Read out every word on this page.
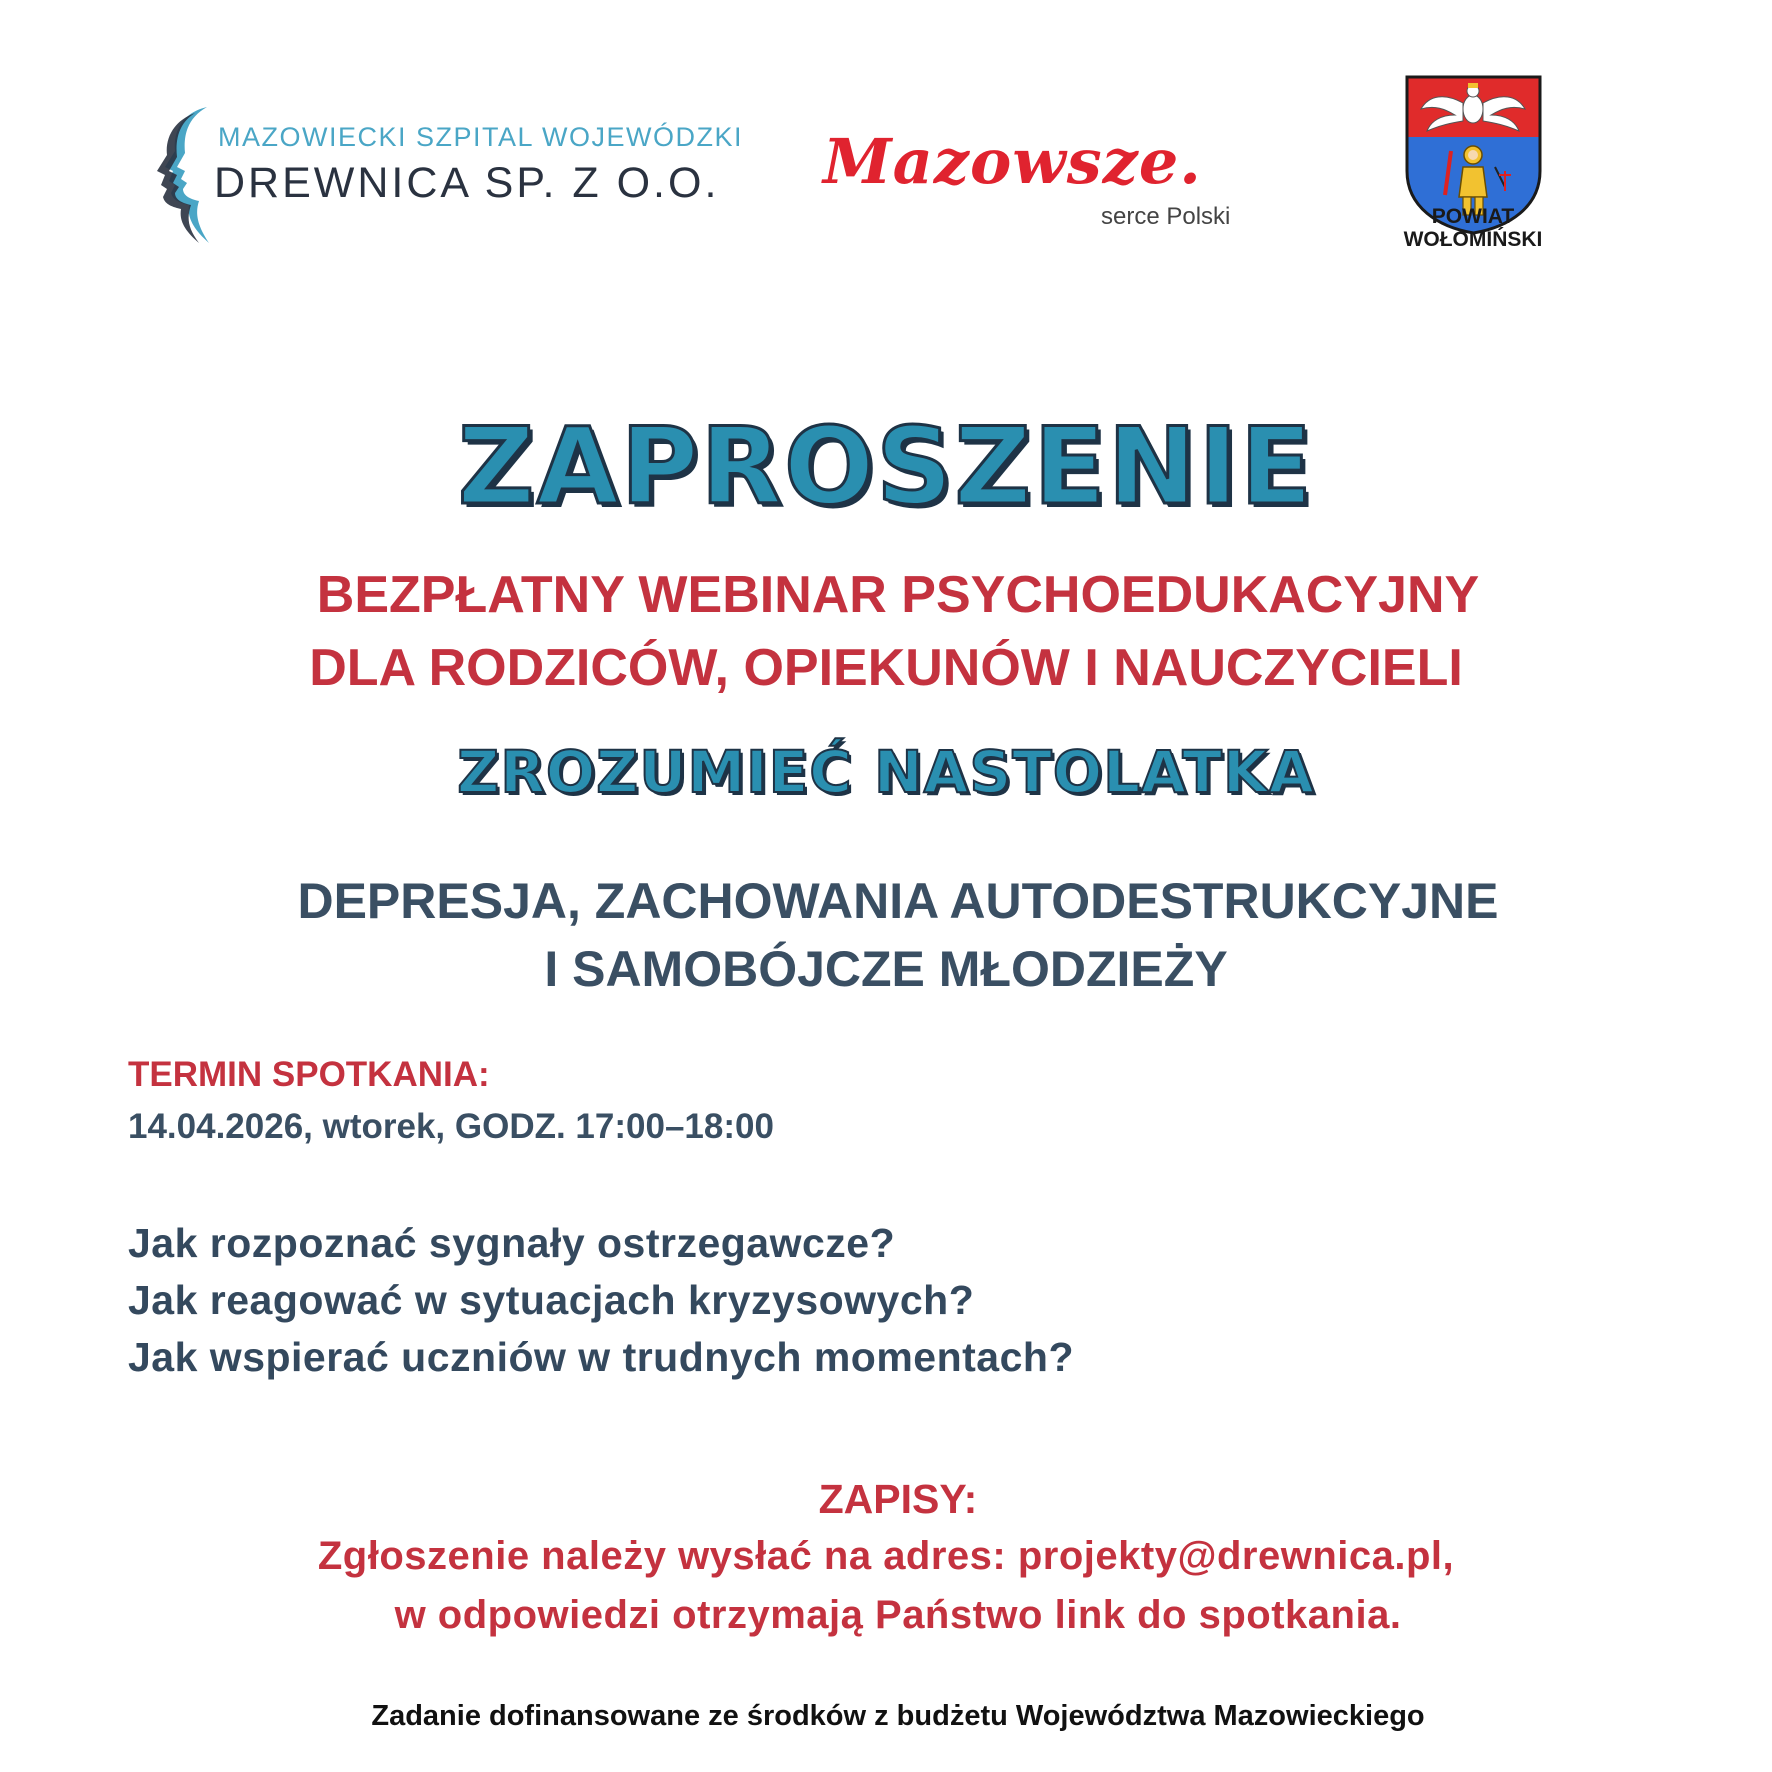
MAZOWIECKI SZPITAL WOJEWÓDZKI
DREWNICA SP. Z O.O. Mazowsze.
serce Polski	POWIAT
WOŁOMIŃSKI
ZAPROSZENIE
BEZPŁATNY WEBINAR PSYCHOEDUKACYJNY
DLA RODZICÓW, OPIEKUNÓW I NAUCZYCIELI
ZROZUMIEĆ NASTOLATKA
DEPRESJA, ZACHOWANIA AUTODESTRUKCYJNE
I SAMOBÓJCZE MŁODZIEŻY
TERMIN SPOTKANIA:
14.04.2026, wtorek, GODZ. 17:00–18:00
Jak rozpoznać sygnały ostrzegawcze?
Jak reagować w sytuacjach kryzysowych?
Jak wspierać uczniów w trudnych momentach?
ZAPISY:
Zgłoszenie należy wysłać na adres: projekty@drewnica.pl,
w odpowiedzi otrzymają Państwo link do spotkania.
Zadanie dofinansowane ze środków z budżetu Województwa Mazowieckiego
